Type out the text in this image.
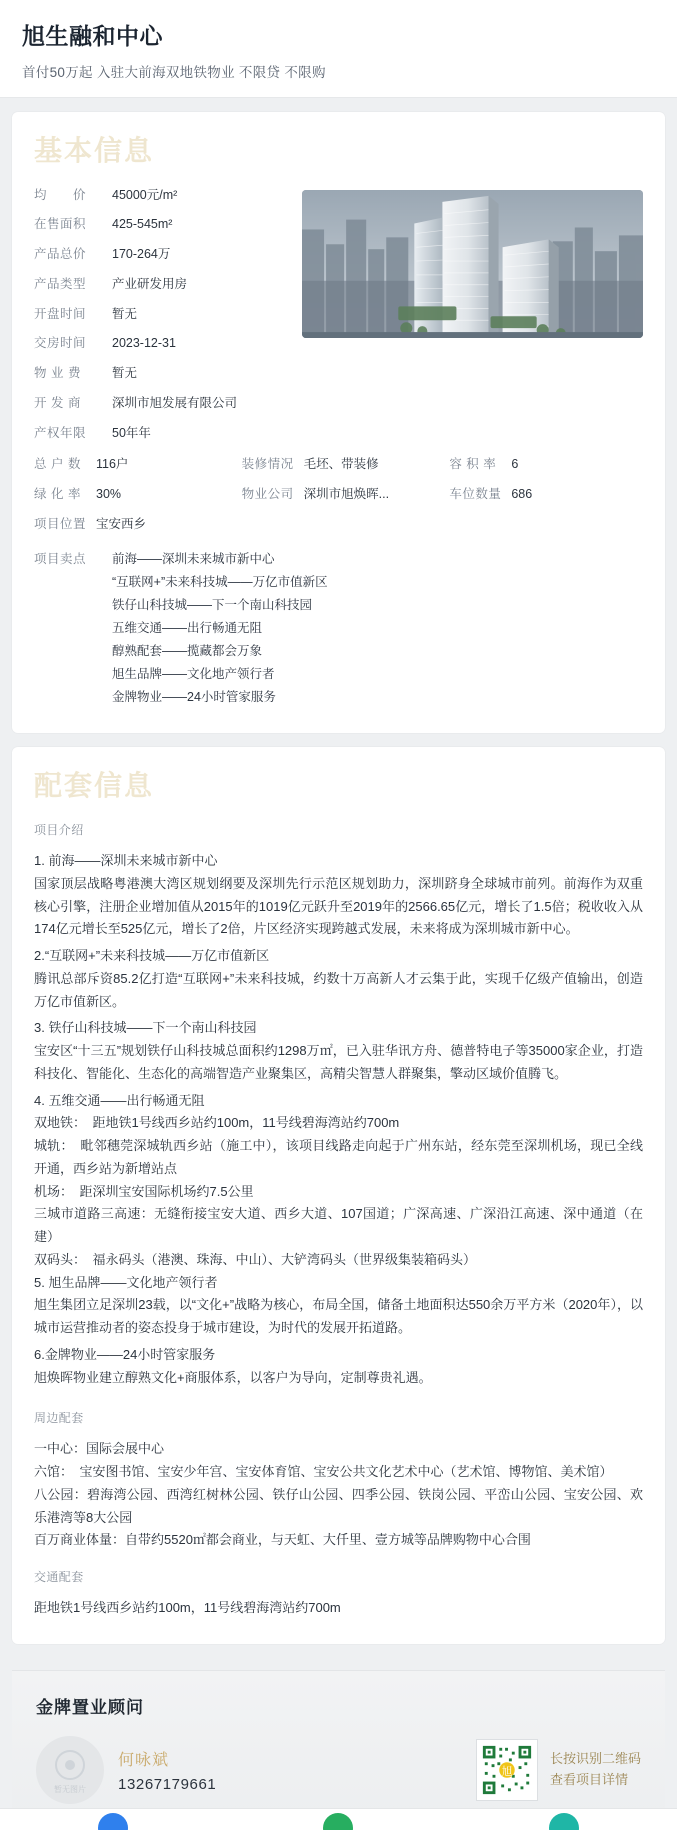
旭生融和中心
首付50万起 入驻大前海双地铁物业 不限贷 不限购
基本信息
均　　价	45000元/m²
在售面积	425-545m²
产品总价	170-264万
产品类型	产业研发用房
开盘时间	暂无
交房时间	2023-12-31
物 业 费	暂无
开 发 商	深圳市旭发展有限公司
产权年限	50年年
总 户 数	116户	装修情况 毛坯、带装修	容 积 率	6
绿 化 率	30%	物业公司 深圳市旭焕晖...	车位数量 686
项目位置 宝安西乡
项目卖点	前海——深圳未来城市新中心
“互联网+”未来科技城——万亿市值新区
铁仔山科技城——下一个南山科技园
五维交通——出行畅通无阻
醇熟配套——揽藏都会万象
旭生品牌——文化地产领行者
金牌物业——24小时管家服务
配套信息
项目介绍

1. 前海——深圳未来城市新中心

国家顶层战略粤港澳大湾区规划纲要及深圳先行示范区规划助力，深圳跻身全球城市前列。前海作为双重核心引擎，注册企业增加值从2015年的1019亿元跃升至2019年的2566.65亿元，增长了1.5倍；税收收入从174亿元增长至525亿元，增长了2倍，片区经济实现跨越式发展，未来将成为深圳城市新中心。

2.“互联网+”未来科技城——万亿市值新区

腾讯总部斥资85.2亿打造“互联网+”未来科技城，约数十万高新人才云集于此，实现千亿级产值输出，创造万亿市值新区。

3. 铁仔山科技城——下一个南山科技园

宝安区“十三五”规划铁仔山科技城总面积约1298万㎡，已入驻华讯方舟、德普特电子等35000家企业，打造科技化、智能化、生态化的高端智造产业聚集区，高精尖智慧人群聚集，擎动区域价值腾飞。

4. 五维交通——出行畅通无阻

双地铁：　距地铁1号线西乡站约100m，11号线碧海湾站约700m

城轨：　毗邻穗莞深城轨西乡站（施工中），该项目线路走向起于广州东站，经东莞至深圳机场，现已全线开通，西乡站为新增站点

机场：　距深圳宝安国际机场约7.5公里

三城市道路三高速：无缝衔接宝安大道、西乡大道、107国道；广深高速、广深沿江高速、深中通道（在建）

双码头：　福永码头（港澳、珠海、中山）、大铲湾码头（世界级集装箱码头）

5. 旭生品牌——文化地产领行者

旭生集团立足深圳23载，以“文化+”战略为核心，布局全国，储备土地面积达550余万平方米（2020年），以城市运营推动者的姿态投身于城市建设，为时代的发展开拓道路。

6.金牌物业——24小时管家服务

旭焕晖物业建立醇熟文化+商服体系，以客户为导向，定制尊贵礼遇。

周边配套

一中心：国际会展中心

六馆：　宝安图书馆、宝安少年宫、宝安体育馆、宝安公共文化艺术中心（艺术馆、博物馆、美术馆）

八公园：碧海湾公园、西湾红树林公园、铁仔山公园、四季公园、铁岗公园、平峦山公园、宝安公园、欢乐港湾等8大公园

百万商业体量：自带约5520㎡都会商业，与天虹、大仟里、壹方城等品牌购物中心合围

交通配套

距地铁1号线西乡站约100m，11号线碧海湾站约700m

金牌置业顾问
暂无图片
何咏斌
13267179661
旭
长按识别二维码
查看项目详情
